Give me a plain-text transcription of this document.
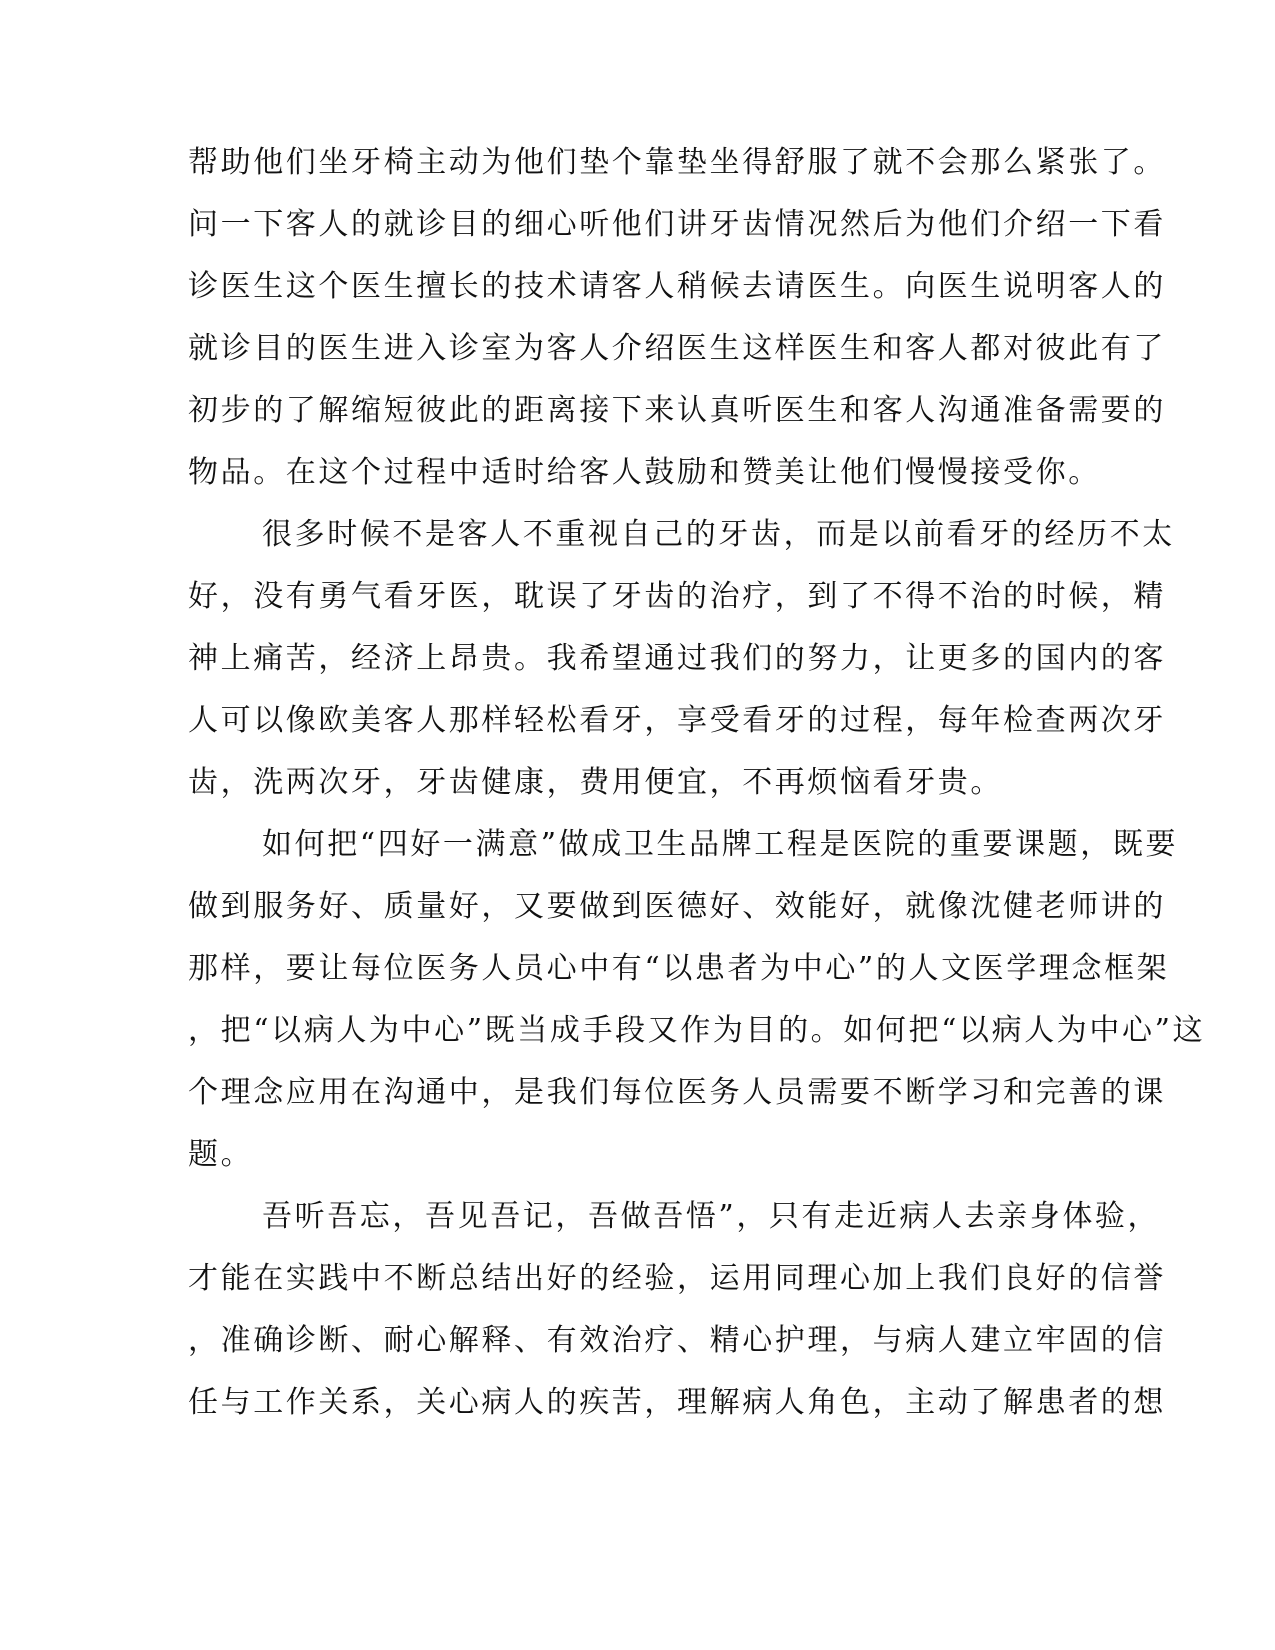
帮助他们坐牙椅主动为他们垫个靠垫坐得舒服了就不会那么紧张了。
问一下客人的就诊目的细心听他们讲牙齿情况然后为他们介绍一下看
诊医生这个医生擅长的技术请客人稍候去请医生。向医生说明客人的
就诊目的医生进入诊室为客人介绍医生这样医生和客人都对彼此有了
初步的了解缩短彼此的距离接下来认真听医生和客人沟通准备需要的
物品。在这个过程中适时给客人鼓励和赞美让他们慢慢接受你。
很多时候不是客人不重视自己的牙齿，而是以前看牙的经历不太
好，没有勇气看牙医，耽误了牙齿的治疗，到了不得不治的时候，精
神上痛苦，经济上昂贵。我希望通过我们的努力，让更多的国内的客
人可以像欧美客人那样轻松看牙，享受看牙的过程，每年检查两次牙
齿，洗两次牙，牙齿健康，费用便宜，不再烦恼看牙贵。
如何把“四好一满意”做成卫生品牌工程是医院的重要课题，既要
做到服务好、质量好，又要做到医德好、效能好，就像沈健老师讲的
那样，要让每位医务人员心中有“以患者为中心”的人文医学理念框架
，把“以病人为中心”既当成手段又作为目的。如何把“以病人为中心”这
个理念应用在沟通中，是我们每位医务人员需要不断学习和完善的课
题。
吾听吾忘，吾见吾记，吾做吾悟”，只有走近病人去亲身体验，
才能在实践中不断总结出好的经验，运用同理心加上我们良好的信誉
，准确诊断、耐心解释、有效治疗、精心护理，与病人建立牢固的信
任与工作关系，关心病人的疾苦，理解病人角色，主动了解患者的想
